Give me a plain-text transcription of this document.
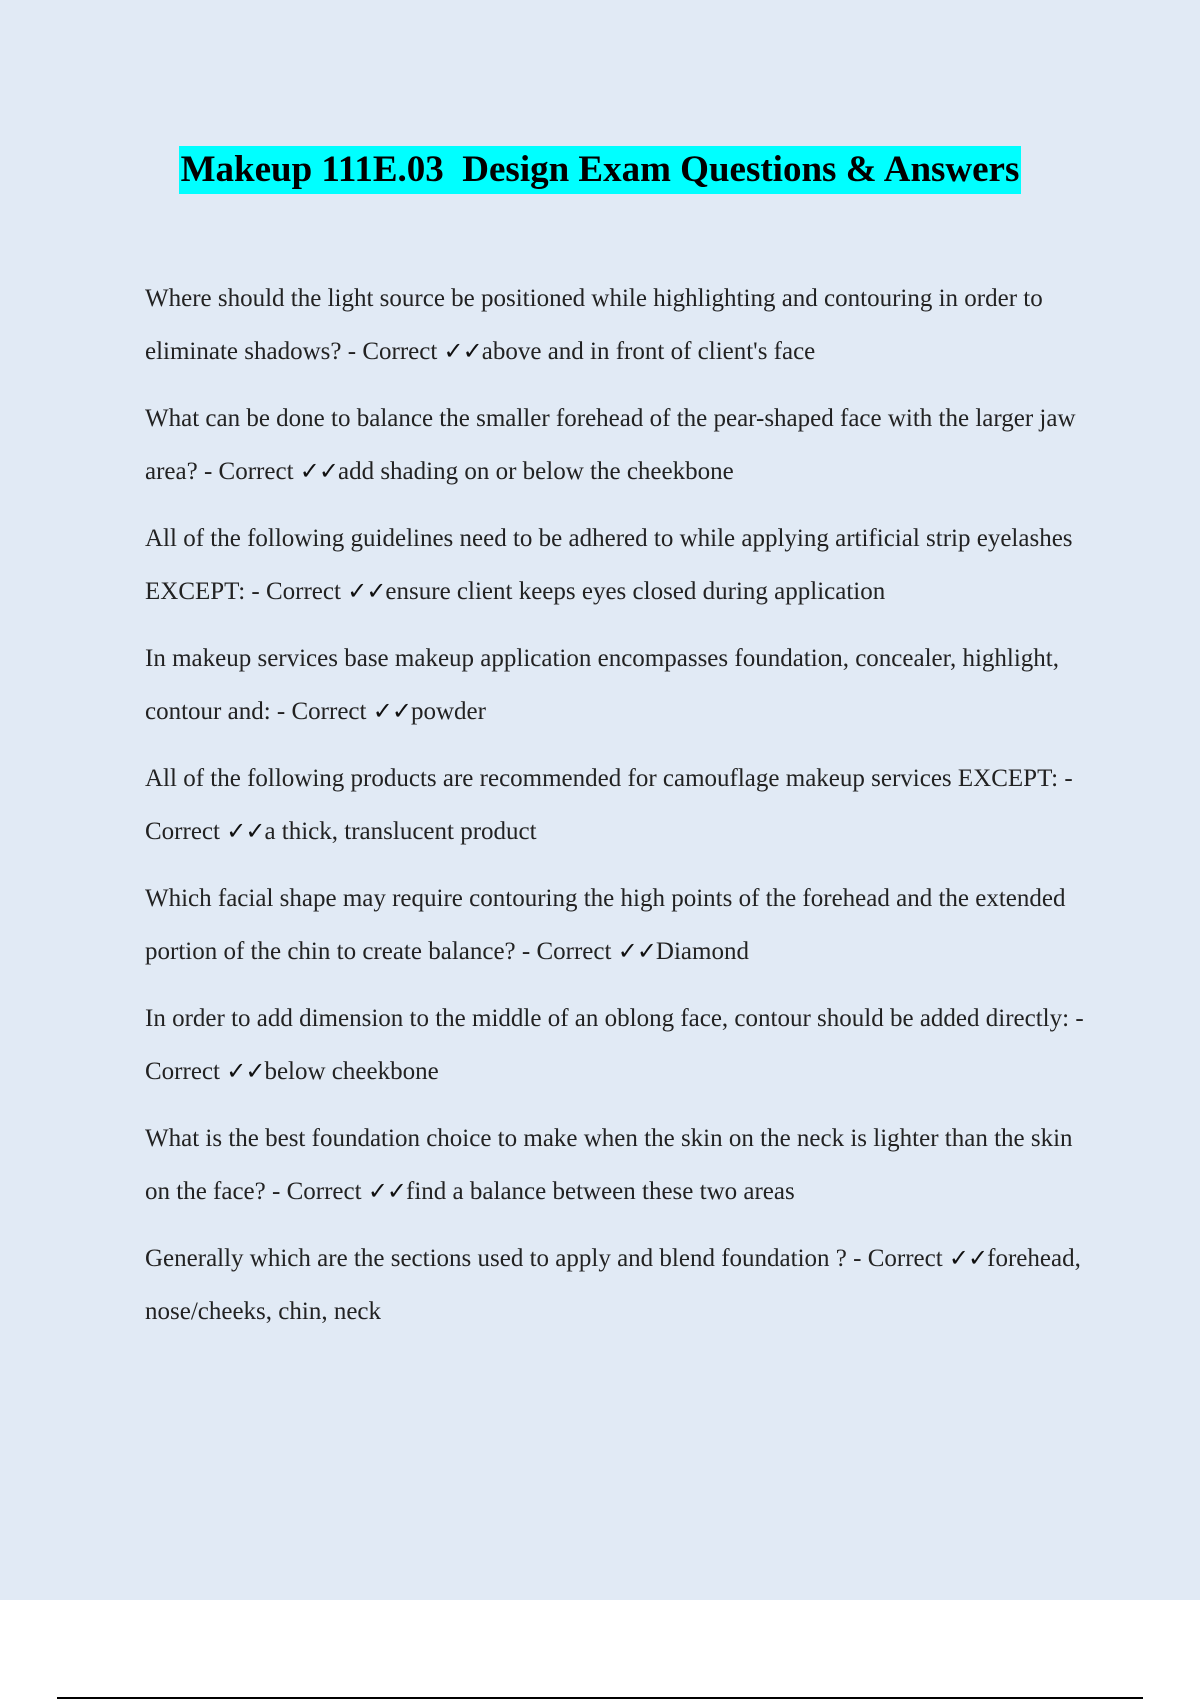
Makeup 111E.03  Design Exam Questions & Answers

Where should the light source be positioned while highlighting and contouring in order to eliminate shadows? - Correct ✓✓above and in front of client's face

What can be done to balance the smaller forehead of the pear-shaped face with the larger jaw area? - Correct ✓✓add shading on or below the cheekbone

All of the following guidelines need to be adhered to while applying artificial strip eyelashes EXCEPT: - Correct ✓✓ensure client keeps eyes closed during application

In makeup services base makeup application encompasses foundation, concealer, highlight, contour and: - Correct ✓✓powder

All of the following products are recommended for camouflage makeup services EXCEPT: - Correct ✓✓a thick, translucent product

Which facial shape may require contouring the high points of the forehead and the extended portion of the chin to create balance? - Correct ✓✓Diamond

In order to add dimension to the middle of an oblong face, contour should be added directly: - Correct ✓✓below cheekbone

What is the best foundation choice to make when the skin on the neck is lighter than the skin on the face? - Correct ✓✓find a balance between these two areas

Generally which are the sections used to apply and blend foundation ? - Correct ✓✓forehead, nose/cheeks, chin, neck
